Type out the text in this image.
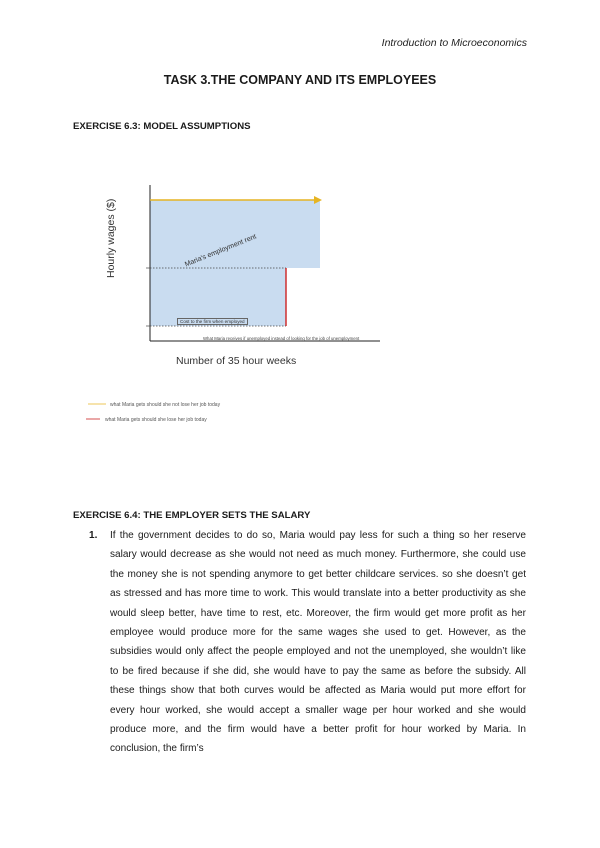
Introduction to Microeconomics
TASK 3.THE COMPANY AND ITS EMPLOYEES
EXERCISE 6.3: MODEL ASSUMPTIONS
Hourly wages ($)
Number of 35 hour weeks
Maria's employment rent
Cost to the firm when employed
What Maria receives if unemployed instead of looking for the job of unemployment
what Maria gets should she not lose her job today
what Maria gets should she lose her job today
EXERCISE 6.4: THE EMPLOYER SETS THE SALARY
1. If the government decides to do so, Maria would pay less for such a thing so her reserve salary would decrease as she would not need as much money. Furthermore, she could use the money she is not spending anymore to get better childcare services. so she doesn’t get as stressed and has more time to work. This would translate into a better productivity as she would sleep better, have time to rest, etc. Moreover, the firm would get more profit as her employee would produce more for the same wages she used to get. However, as the subsidies would only affect the people employed and not the unemployed, she wouldn’t like to be fired because if she did, she would have to pay the same as before the subsidy. All these things show that both curves would be affected as Maria would put more effort for every hour worked, she would accept a smaller wage per hour worked and she would produce more, and the firm would have a better profit for hour worked by Maria. In conclusion, the firm’s
